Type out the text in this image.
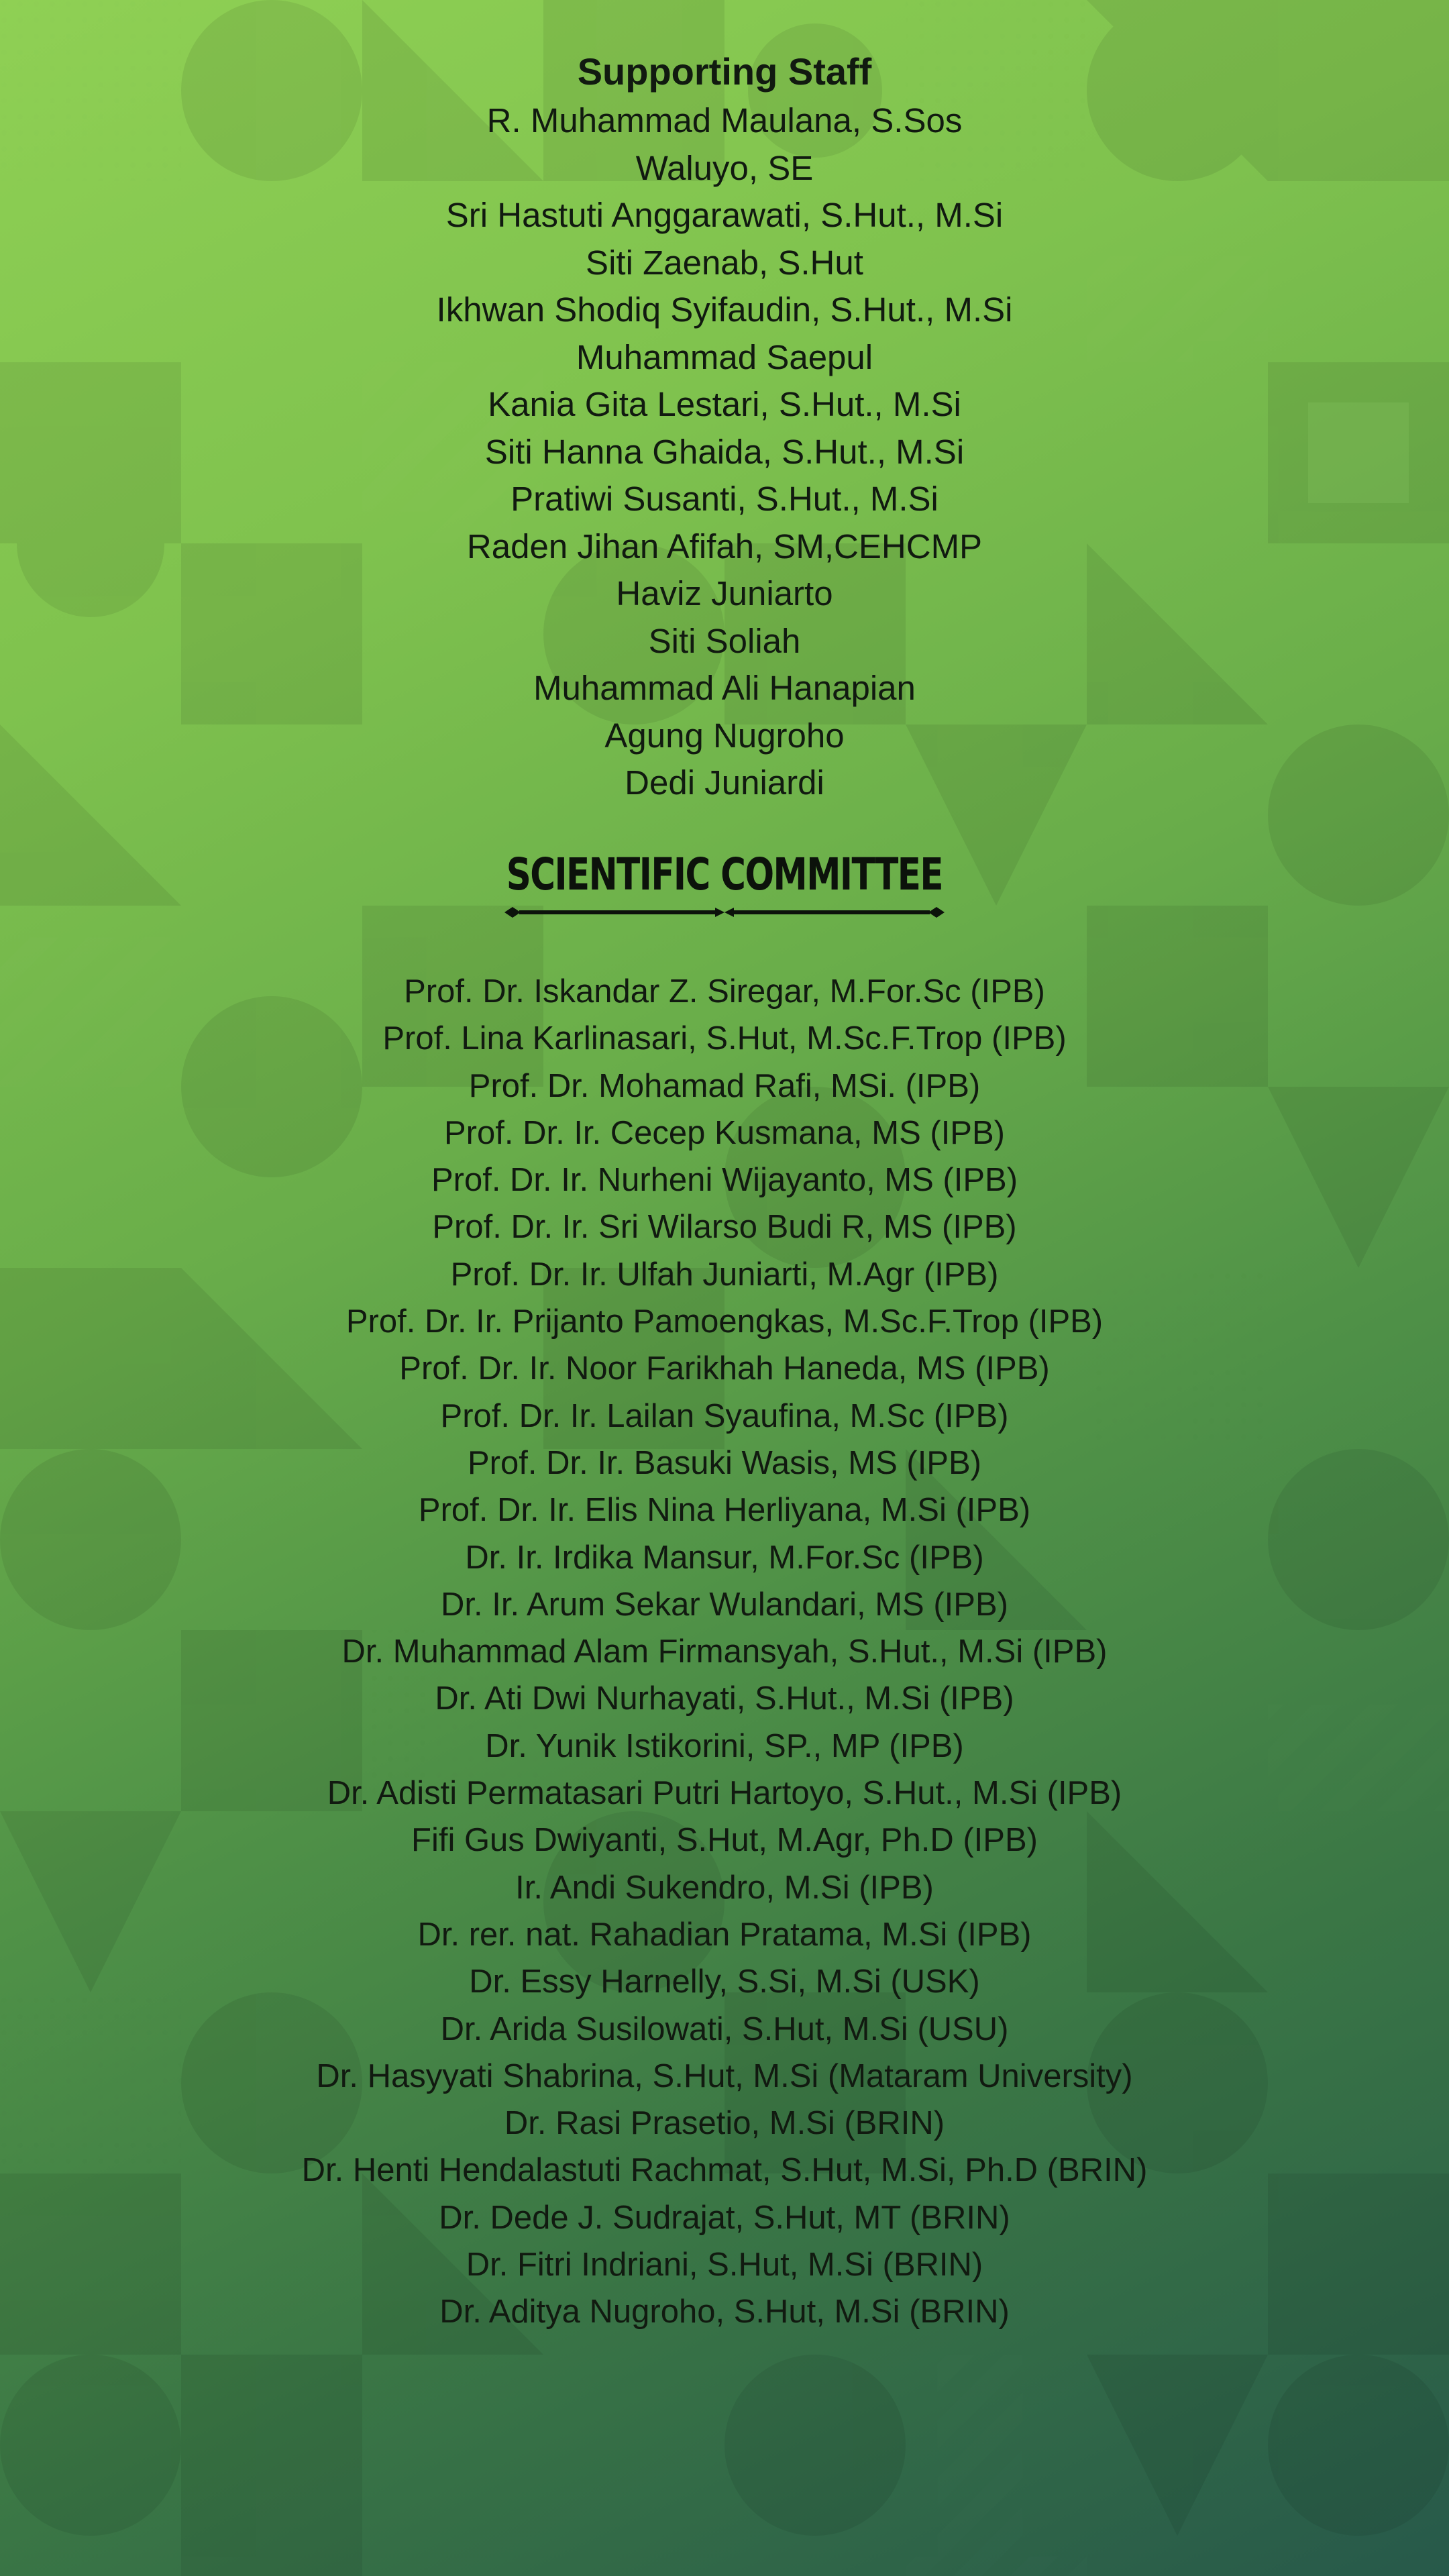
Supporting Staff
R. Muhammad Maulana, S.Sos
Waluyo, SE
Sri Hastuti Anggarawati, S.Hut., M.Si
Siti Zaenab, S.Hut
Ikhwan Shodiq Syifaudin, S.Hut., M.Si
Muhammad Saepul
Kania Gita Lestari, S.Hut., M.Si
Siti Hanna Ghaida, S.Hut., M.Si
Pratiwi Susanti, S.Hut., M.Si
Raden Jihan Afifah, SM,CEHCMP
Haviz Juniarto
Siti Soliah
Muhammad Ali Hanapian
Agung Nugroho
Dedi Juniardi
SCIENTIFIC COMMITTEE
Prof. Dr. Iskandar Z. Siregar, M.For.Sc (IPB)
Prof. Lina Karlinasari, S.Hut, M.Sc.F.Trop (IPB)
Prof. Dr. Mohamad Rafi, MSi. (IPB)
Prof. Dr. Ir. Cecep Kusmana, MS (IPB)
Prof. Dr. Ir. Nurheni Wijayanto, MS (IPB)
Prof. Dr. Ir. Sri Wilarso Budi R, MS (IPB)
Prof. Dr. Ir. Ulfah Juniarti, M.Agr (IPB)
Prof. Dr. Ir. Prijanto Pamoengkas, M.Sc.F.Trop (IPB)
Prof. Dr. Ir. Noor Farikhah Haneda, MS (IPB)
Prof. Dr. Ir. Lailan Syaufina, M.Sc (IPB)
Prof. Dr. Ir. Basuki Wasis, MS (IPB)
Prof. Dr. Ir. Elis Nina Herliyana, M.Si (IPB)
Dr. Ir. Irdika Mansur, M.For.Sc (IPB)
Dr. Ir. Arum Sekar Wulandari, MS (IPB)
Dr. Muhammad Alam Firmansyah, S.Hut., M.Si (IPB)
Dr. Ati Dwi Nurhayati, S.Hut., M.Si (IPB)
Dr. Yunik Istikorini, SP., MP (IPB)
Dr. Adisti Permatasari Putri Hartoyo, S.Hut., M.Si (IPB)
Fifi Gus Dwiyanti, S.Hut, M.Agr, Ph.D (IPB)
Ir. Andi Sukendro, M.Si (IPB)
Dr. rer. nat. Rahadian Pratama, M.Si (IPB)
Dr. Essy Harnelly, S.Si, M.Si (USK)
Dr. Arida Susilowati, S.Hut, M.Si (USU)
Dr. Hasyyati Shabrina, S.Hut, M.Si (Mataram University)
Dr. Rasi Prasetio, M.Si (BRIN)
Dr. Henti Hendalastuti Rachmat, S.Hut, M.Si, Ph.D (BRIN)
Dr. Dede J. Sudrajat, S.Hut, MT (BRIN)
Dr. Fitri Indriani, S.Hut, M.Si (BRIN)
Dr. Aditya Nugroho, S.Hut, M.Si (BRIN)
